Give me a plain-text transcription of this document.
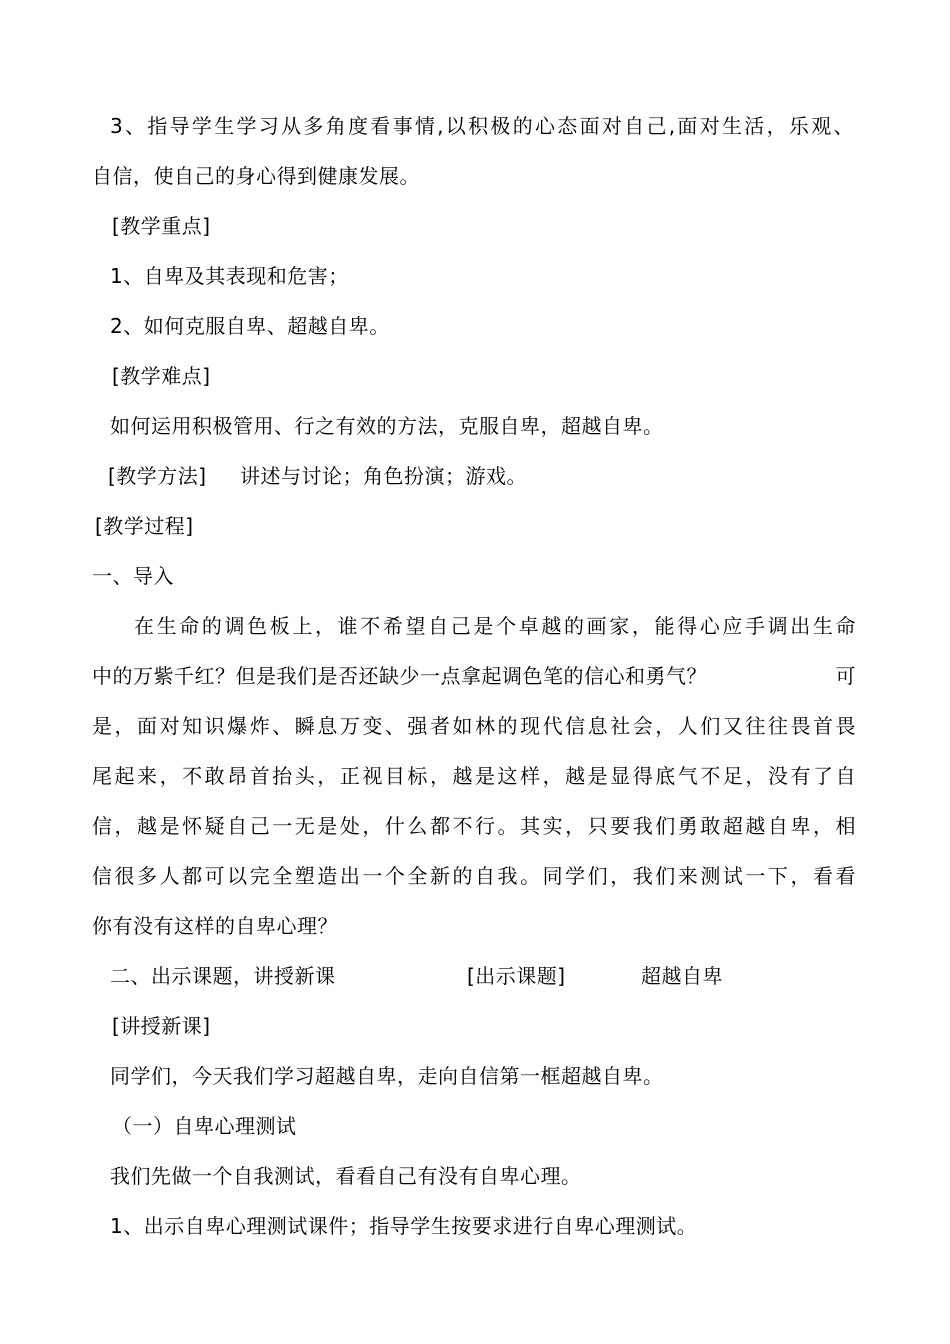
3、指导学生学习从多角度看事情,以积极的心态面对自己,面对生活，乐观、
自信，使自己的身心得到健康发展。
[教学重点]
1、自卑及其表现和危害；
2、如何克服自卑、超越自卑。
[教学难点]
如何运用积极管用、行之有效的方法，克服自卑，超越自卑。
[教学方法] 讲述与讨论；角色扮演；游戏。
[教学过程]
一、导入
在生命的调色板上，谁不希望自己是个卓越的画家，能得心应手调出生命
中的万紫千红？但是我们是否还缺少一点拿起调色笔的信心和勇气？	可
是，面对知识爆炸、瞬息万变、强者如林的现代信息社会，人们又往往畏首畏
尾起来，不敢昂首抬头，正视目标，越是这样，越是显得底气不足，没有了自
信，越是怀疑自己一无是处，什么都不行。其实，只要我们勇敢超越自卑，相
信很多人都可以完全塑造出一个全新的自我。同学们，我们来测试一下，看看
你有没有这样的自卑心理？
二、出示课题，讲授新课	[出示课题]	超越自卑
[讲授新课]
同学们，今天我们学习超越自卑，走向自信第一框超越自卑。
（一）自卑心理测试
我们先做一个自我测试，看看自己有没有自卑心理。
1、出示自卑心理测试课件；指导学生按要求进行自卑心理测试。
